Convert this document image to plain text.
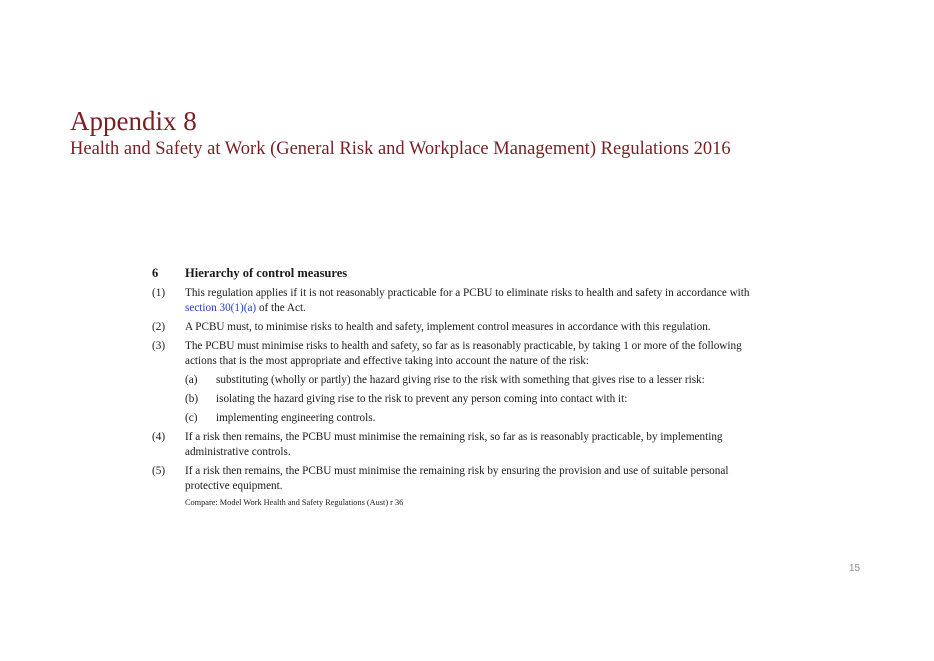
Appendix 8
Health and Safety at Work (General Risk and Workplace Management) Regulations 2016
6	Hierarchy of control measures
(1)	This regulation applies if it is not reasonably practicable for a PCBU to eliminate risks to health and safety in accordance with section 30(1)(a) of the Act.
(2)	A PCBU must, to minimise risks to health and safety, implement control measures in accordance with this regulation.
(3)	The PCBU must minimise risks to health and safety, so far as is reasonably practicable, by taking 1 or more of the following actions that is the most appropriate and effective taking into account the nature of the risk:
(a)	substituting (wholly or partly) the hazard giving rise to the risk with something that gives rise to a lesser risk:
(b)	isolating the hazard giving rise to the risk to prevent any person coming into contact with it:
(c)	implementing engineering controls.
(4)	If a risk then remains, the PCBU must minimise the remaining risk, so far as is reasonably practicable, by implementing administrative controls.
(5)	If a risk then remains, the PCBU must minimise the remaining risk by ensuring the provision and use of suitable personal protective equipment.
Compare: Model Work Health and Safety Regulations (Aust) r 36
15
